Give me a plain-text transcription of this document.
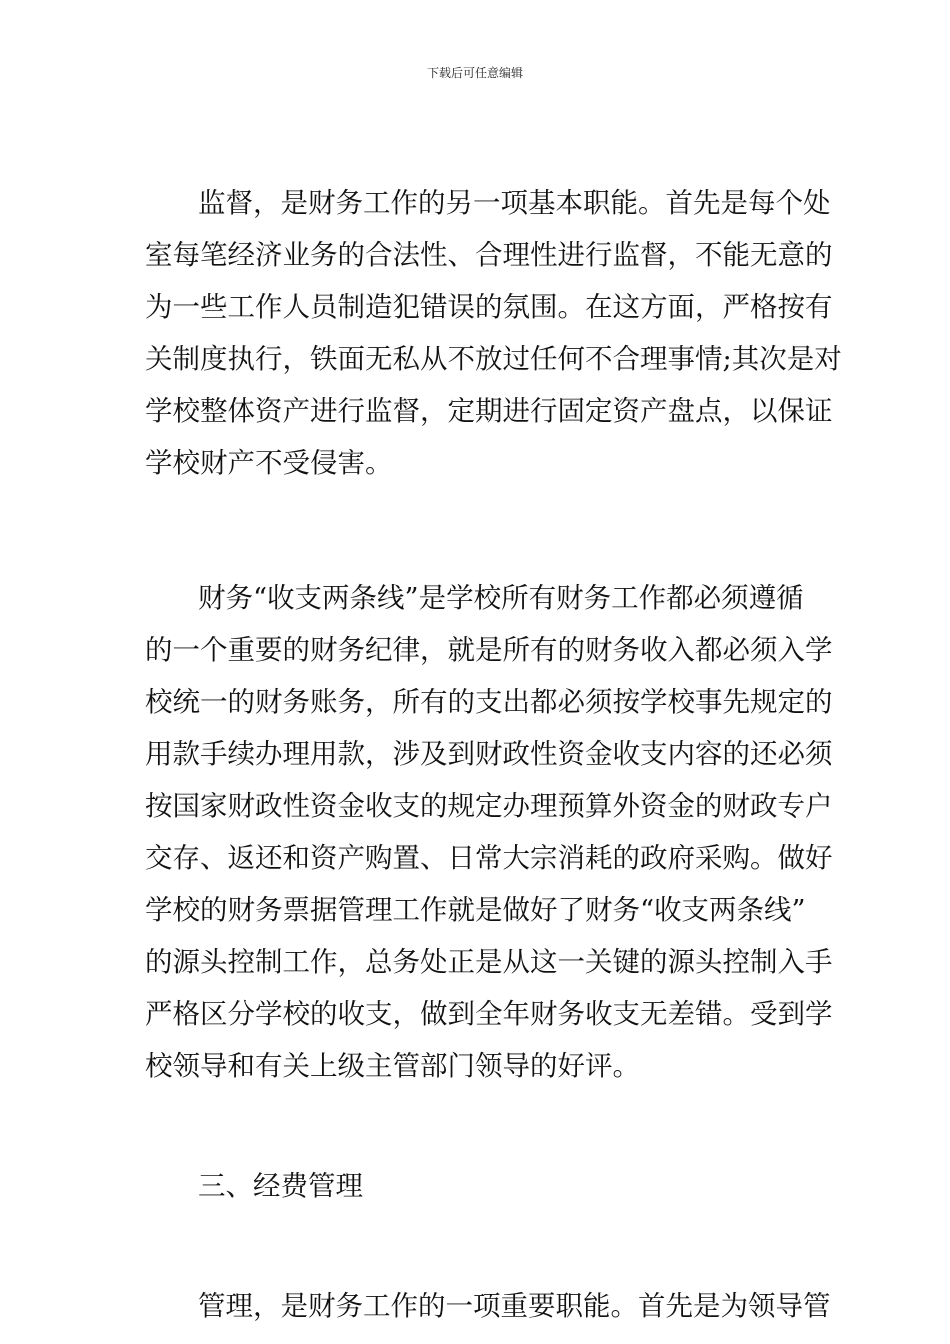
下载后可任意编辑
监督，是财务工作的另一项基本职能。首先是每个处
室每笔经济业务的合法性、合理性进行监督，不能无意的
为一些工作人员制造犯错误的氛围。在这方面，严格按有
关制度执行，铁面无私从不放过任何不合理事情;其次是对
学校整体资产进行监督，定期进行固定资产盘点，以保证
学校财产不受侵害。
财务“收支两条线”是学校所有财务工作都必须遵循
的一个重要的财务纪律，就是所有的财务收入都必须入学
校统一的财务账务，所有的支出都必须按学校事先规定的
用款手续办理用款，涉及到财政性资金收支内容的还必须
按国家财政性资金收支的规定办理预算外资金的财政专户
交存、返还和资产购置、日常大宗消耗的政府采购。做好
学校的财务票据管理工作就是做好了财务“收支两条线”
的源头控制工作，总务处正是从这一关键的源头控制入手
严格区分学校的收支，做到全年财务收支无差错。受到学
校领导和有关上级主管部门领导的好评。
三、经费管理
管理，是财务工作的一项重要职能。首先是为领导管
